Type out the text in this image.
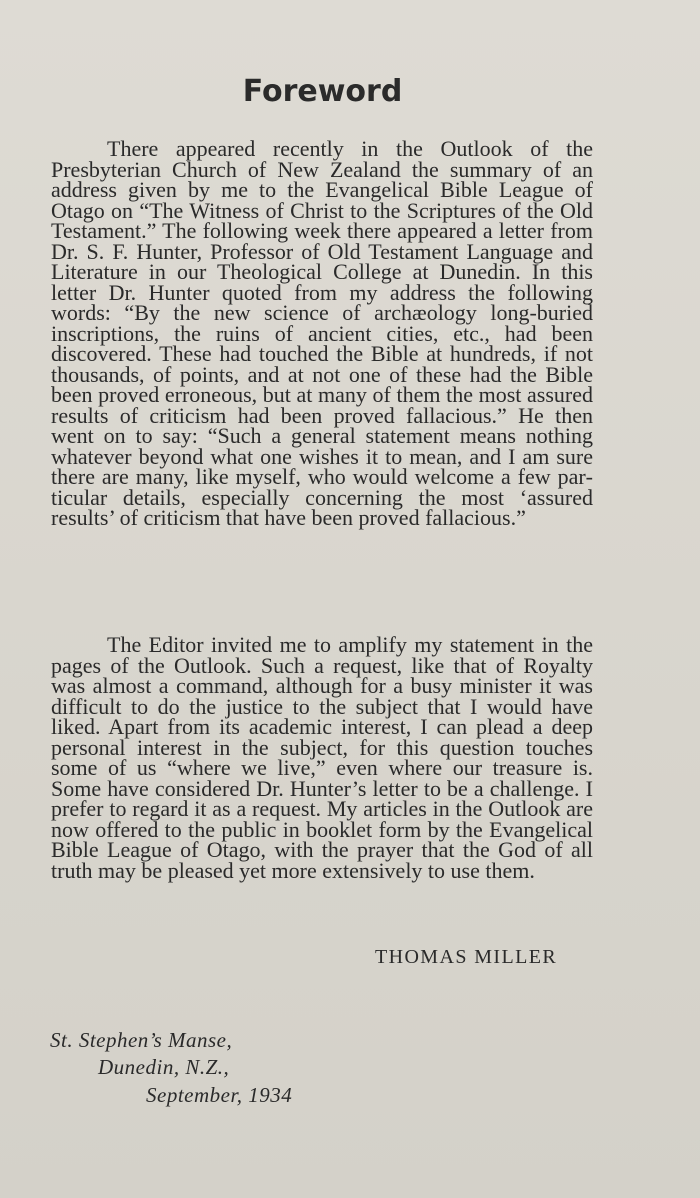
Foreword

There appeared recently in the Outlook of the Presbyterian Church of New Zealand the summary of an address given by me to the Evangelical Bible League of Otago on “The Witness of Christ to the Scriptures of the Old Testament.” The following week there appeared a letter from Dr. S. F. Hunter, Professor of Old Testament Language and Literature in our Theological College at Dunedin. In this letter Dr. Hunter quoted from my address the following words: “By the new science of archæology long-buried inscriptions, the ruins of ancient cities, etc., had been discovered. These had touched the Bible at hundreds, if not thousands, of points, and at not one of these had the Bible been proved erroneous, but at many of them the most assured results of criticism had been proved fallacious.” He then went on to say: “Such a general statement means nothing whatever beyond what one wishes it to mean, and I am sure there are many, like myself, who would welcome a few particular details, especially concerning the most ‘assured results’ of criticism that have been proved fallacious.”

The Editor invited me to amplify my statement in the pages of the Outlook. Such a request, like that of Royalty was almost a command, although for a busy minister it was difficult to do the justice to the subject that I would have liked. Apart from its academic interest, I can plead a deep personal interest in the subject, for this question touches some of us “where we live,” even where our treasure is. Some have considered Dr. Hunter’s letter to be a challenge. I prefer to regard it as a request. My articles in the Outlook are now offered to the public in booklet form by the Evangelical Bible League of Otago, with the prayer that the God of all truth may be pleased yet more extensively to use them.

THOMAS MILLER

St. Stephen’s Manse,

Dunedin, N.Z.,

September, 1934
